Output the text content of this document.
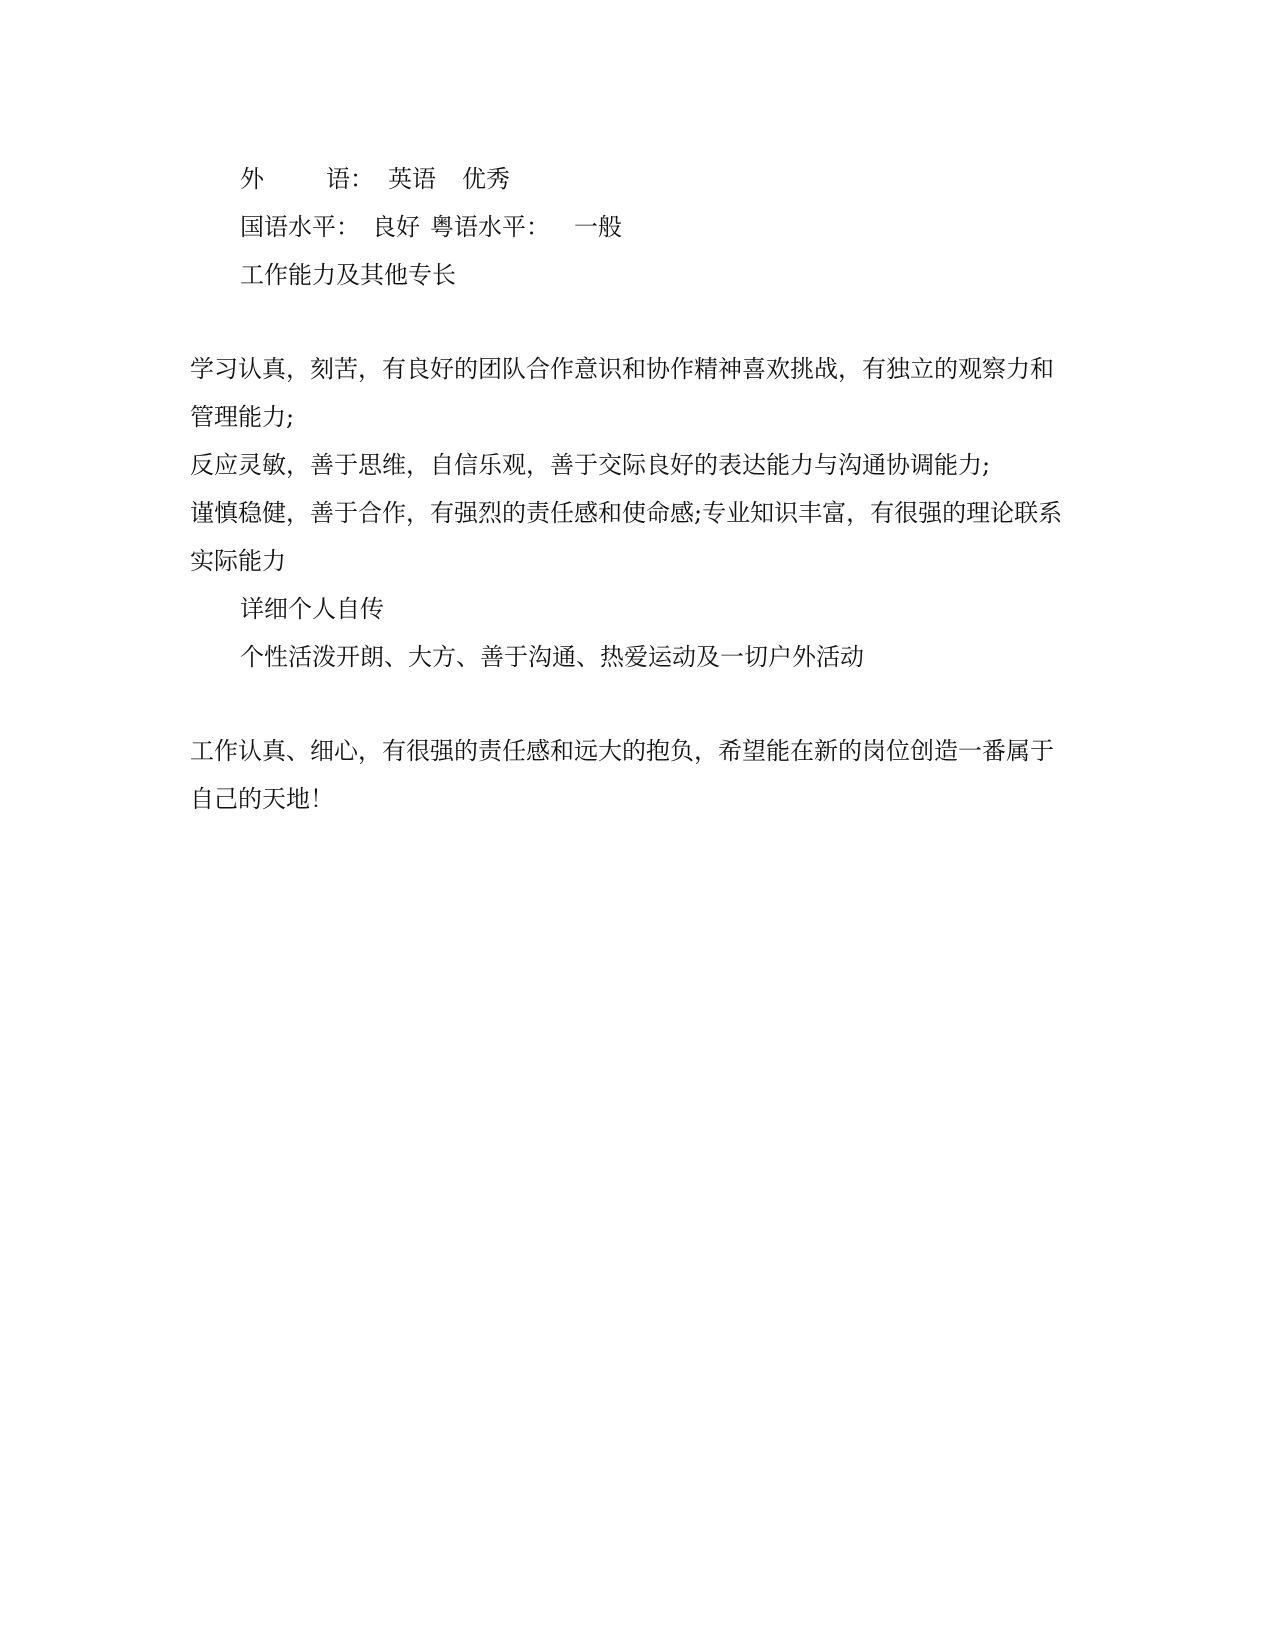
外	语： 英语 优秀

国语水平： 良好 粤语水平： 一般

工作能力及其他专长

学习认真，刻苦，有良好的团队合作意识和协作精神喜欢挑战，有独立的观察力和管理能力;

反应灵敏，善于思维，自信乐观，善于交际良好的表达能力与沟通协调能力;

谨慎稳健，善于合作，有强烈的责任感和使命感;专业知识丰富，有很强的理论联系实际能力

详细个人自传

个性活泼开朗、大方、善于沟通、热爱运动及一切户外活动

工作认真、细心，有很强的责任感和远大的抱负，希望能在新的岗位创造一番属于自己的天地！
